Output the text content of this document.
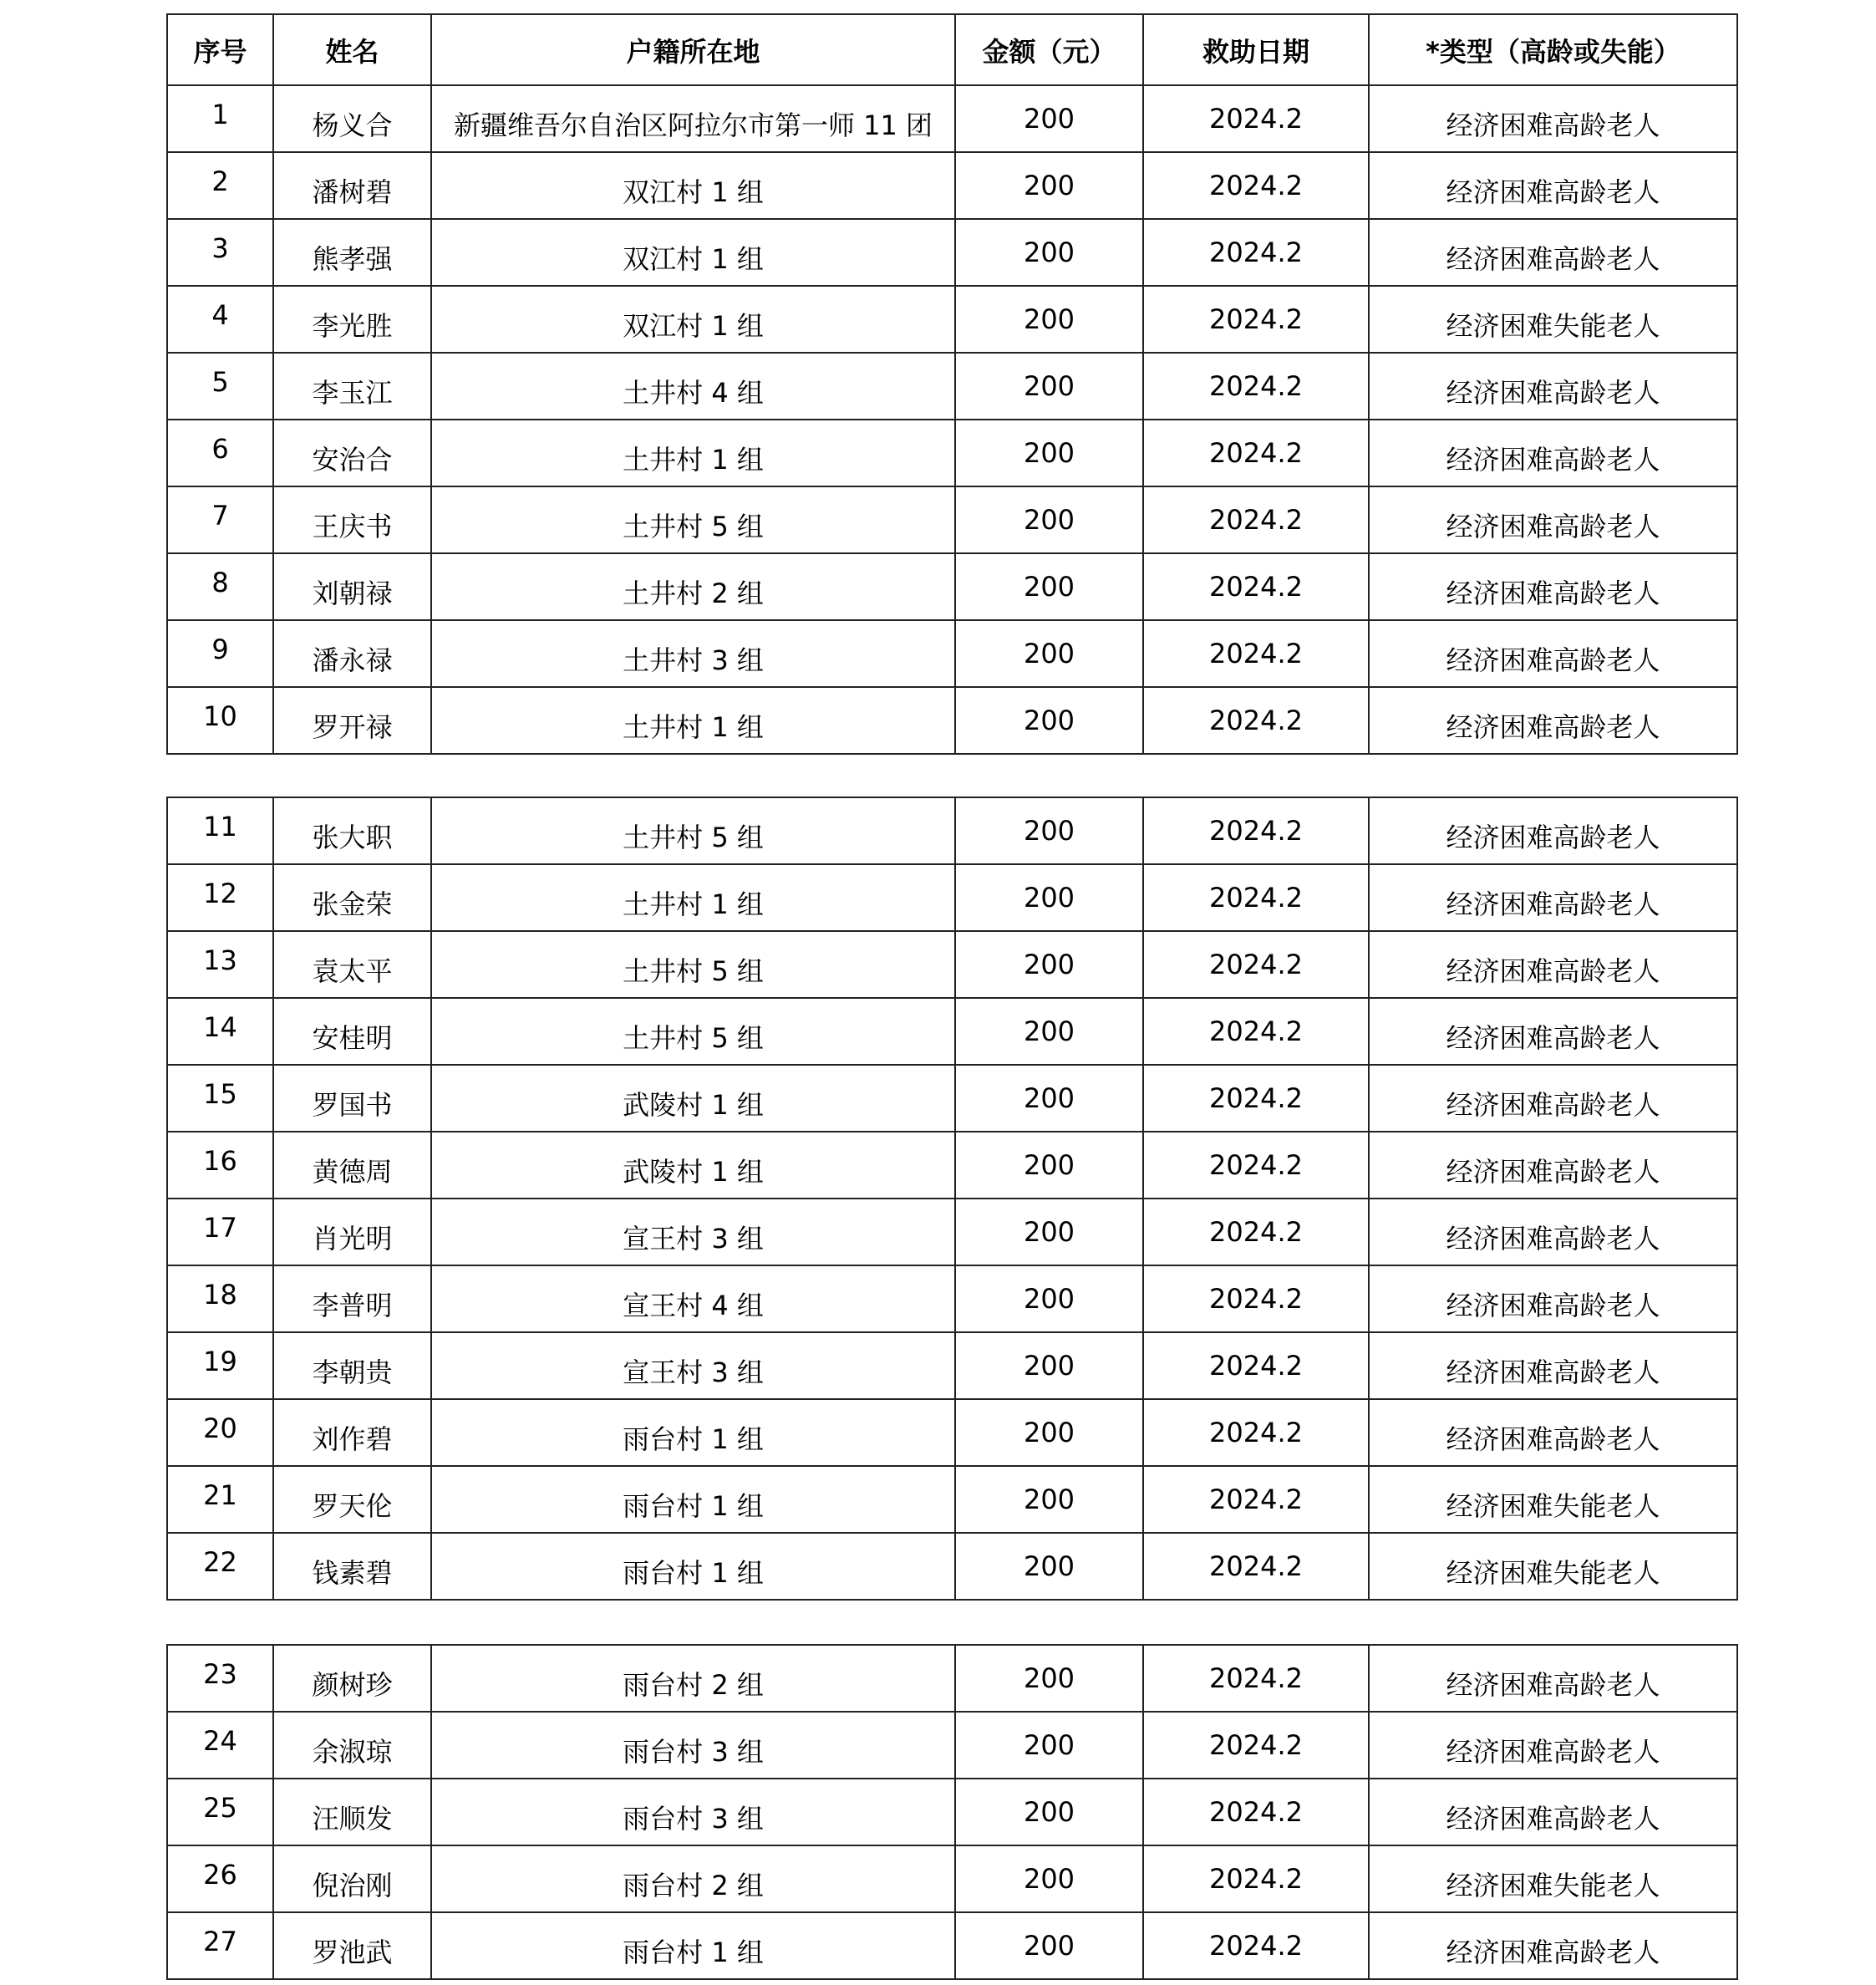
序号	姓名	户籍所在地	金额（元）	救助日期	*类型（高龄或失能）
1	杨义合	新疆维吾尔自治区阿拉尔市第一师 11 团	200	2024.2	经济困难高龄老人
2	潘树碧	双江村 1 组	200	2024.2	经济困难高龄老人
3	熊孝强	双江村 1 组	200	2024.2	经济困难高龄老人
4	李光胜	双江村 1 组	200	2024.2	经济困难失能老人
5	李玉江	土井村 4 组	200	2024.2	经济困难高龄老人
6	安治合	土井村 1 组	200	2024.2	经济困难高龄老人
7	王庆书	土井村 5 组	200	2024.2	经济困难高龄老人
8	刘朝禄	土井村 2 组	200	2024.2	经济困难高龄老人
9	潘永禄	土井村 3 组	200	2024.2	经济困难高龄老人
10	罗开禄	土井村 1 组	200	2024.2	经济困难高龄老人
11	张大职	土井村 5 组	200	2024.2	经济困难高龄老人
12	张金荣	土井村 1 组	200	2024.2	经济困难高龄老人
13	袁太平	土井村 5 组	200	2024.2	经济困难高龄老人
14	安桂明	土井村 5 组	200	2024.2	经济困难高龄老人
15	罗国书	武陵村 1 组	200	2024.2	经济困难高龄老人
16	黄德周	武陵村 1 组	200	2024.2	经济困难高龄老人
17	肖光明	宣王村 3 组	200	2024.2	经济困难高龄老人
18	李普明	宣王村 4 组	200	2024.2	经济困难高龄老人
19	李朝贵	宣王村 3 组	200	2024.2	经济困难高龄老人
20	刘作碧	雨台村 1 组	200	2024.2	经济困难高龄老人
21	罗天伦	雨台村 1 组	200	2024.2	经济困难失能老人
22	钱素碧	雨台村 1 组	200	2024.2	经济困难失能老人
23	颜树珍	雨台村 2 组	200	2024.2	经济困难高龄老人
24	余淑琼	雨台村 3 组	200	2024.2	经济困难高龄老人
25	汪顺发	雨台村 3 组	200	2024.2	经济困难高龄老人
26	倪治刚	雨台村 2 组	200	2024.2	经济困难失能老人
27	罗池武	雨台村 1 组	200	2024.2	经济困难高龄老人
